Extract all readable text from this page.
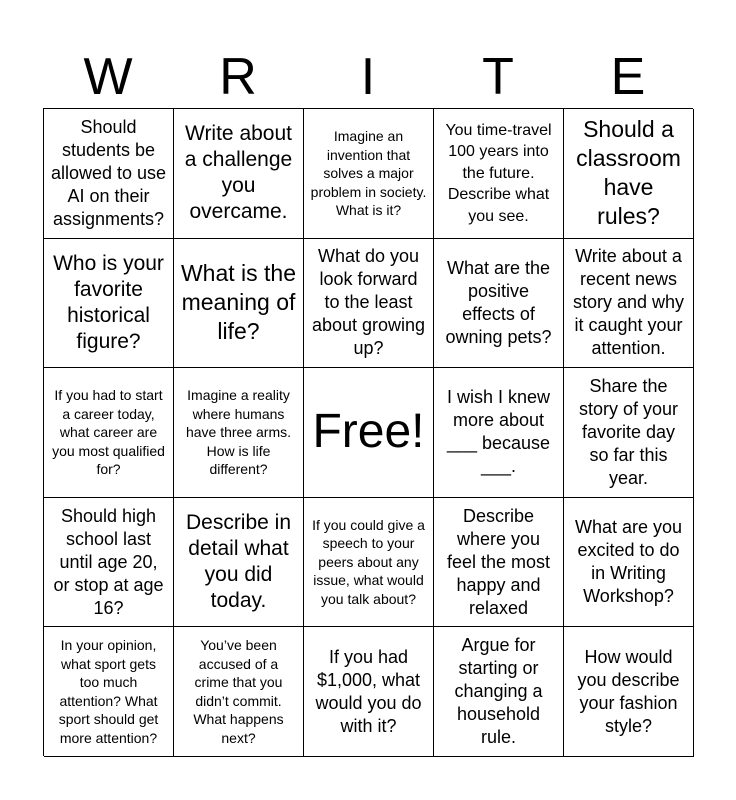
W	R	I	T	E
Should students be allowed to use AI on their assignments?
Write about a challenge you overcame.
Imagine an invention that solves a major problem in society. What is it?
You time-travel 100 years into the future. Describe what you see.
Should a classroom have rules?
Who is your favorite historical figure?
What is the meaning of life?
What do you look forward to the least about growing up?
What are the positive effects of owning pets?
Write about a recent news story and why it caught your attention.
If you had to start a career today, what career are you most qualified for?
Imagine a reality where humans have three arms. How is life different?
Free!
I wish I knew more about ___ because ___.
Share the story of your favorite day so far this year.
Should high school last until age 20, or stop at age 16?
Describe in detail what you did today.
If you could give a speech to your peers about any issue, what would you talk about?
Describe where you feel the most happy and relaxed
What are you excited to do in Writing Workshop?
In your opinion, what sport gets too much attention? What sport should get more attention?
You’ve been accused of a crime that you didn’t commit. What happens next?
If you had $1,000, what would you do with it?
Argue for starting or changing a household rule.
How would you describe your fashion style?
